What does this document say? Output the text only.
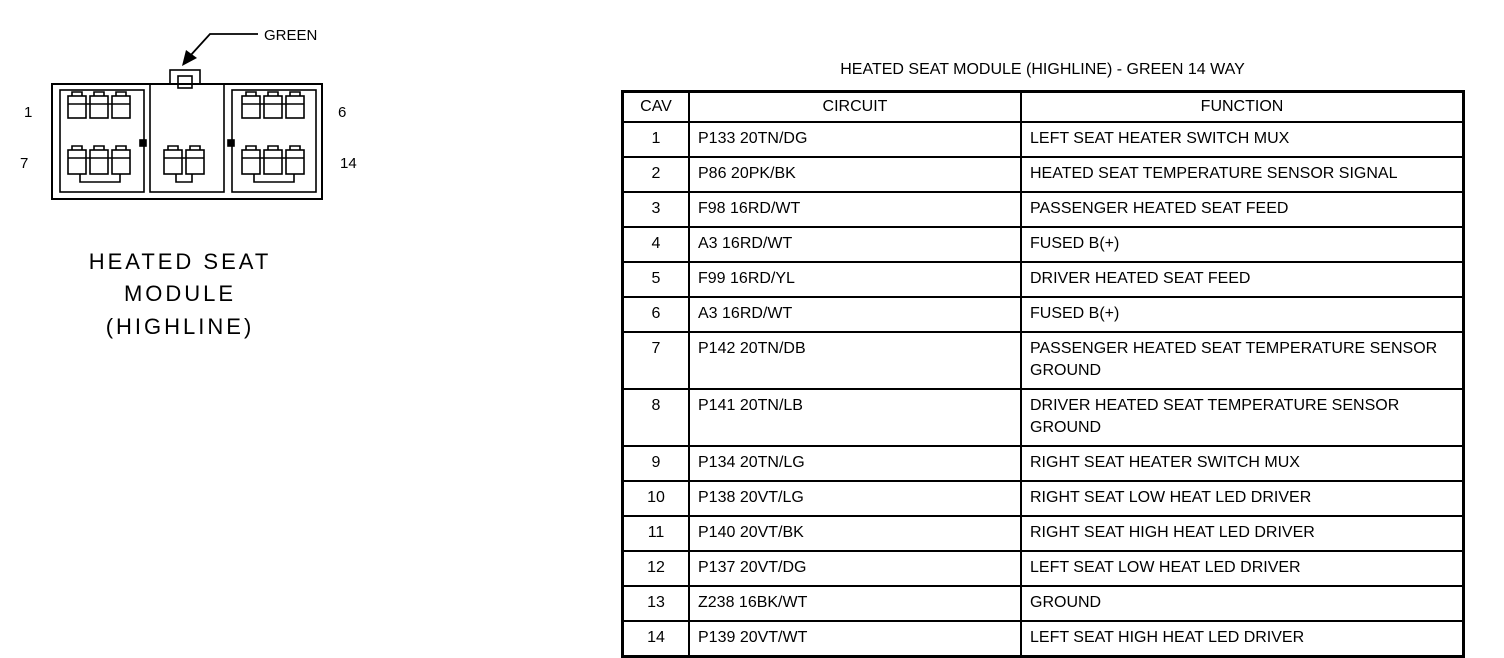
GREEN
1	6
7	14
HEATED SEAT
MODULE
(HIGHLINE)
HEATED SEAT MODULE (HIGHLINE) - GREEN 14 WAY
CAV	CIRCUIT	FUNCTION
1	P133 20TN/DG	LEFT SEAT HEATER SWITCH MUX
2	P86 20PK/BK	HEATED SEAT TEMPERATURE SENSOR SIGNAL
3	F98 16RD/WT	PASSENGER HEATED SEAT FEED
4	A3 16RD/WT	FUSED B(+)
5	F99 16RD/YL	DRIVER HEATED SEAT FEED
6	A3 16RD/WT	FUSED B(+)
7	P142 20TN/DB	PASSENGER HEATED SEAT TEMPERATURE SENSOR GROUND
8	P141 20TN/LB	DRIVER HEATED SEAT TEMPERATURE SENSOR GROUND
9	P134 20TN/LG	RIGHT SEAT HEATER SWITCH MUX
10	P138 20VT/LG	RIGHT SEAT LOW HEAT LED DRIVER
11	P140 20VT/BK	RIGHT SEAT HIGH HEAT LED DRIVER
12	P137 20VT/DG	LEFT SEAT LOW HEAT LED DRIVER
13	Z238 16BK/WT	GROUND
14	P139 20VT/WT	LEFT SEAT HIGH HEAT LED DRIVER
